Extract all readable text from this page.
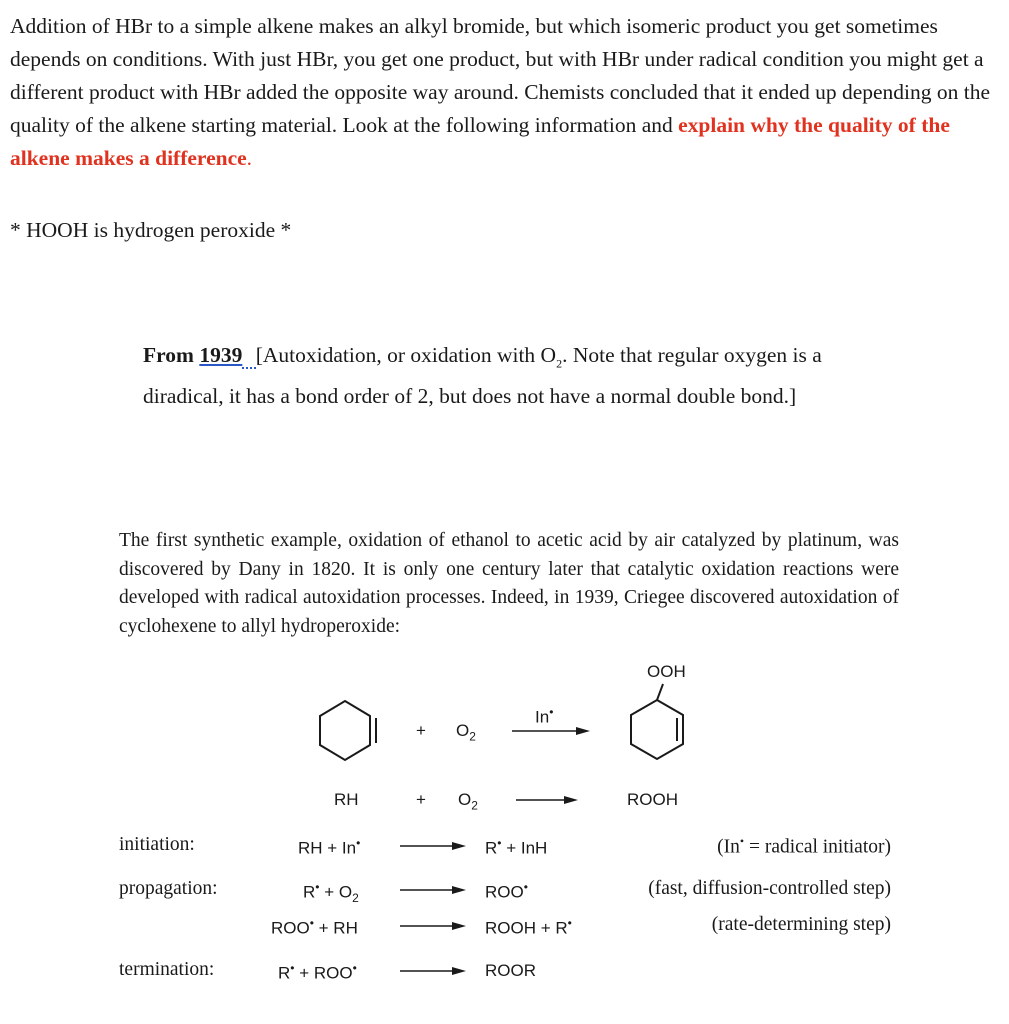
Addition of HBr to a simple alkene makes an alkyl bromide, but which isomeric product you get sometimes depends on conditions. With just HBr, you get one product, but with HBr under radical condition you might get a different product with HBr added the opposite way around. Chemists concluded that it ended up depending on the quality of the alkene starting material. Look at the following information and explain why the quality of the alkene makes a difference.
* HOOH is hydrogen peroxide *
From 1939 [Autoxidation, or oxidation with $O_2$. Note that regular oxygen is a diradical, it has a bond order of 2, but does not have a normal double bond.]
The first synthetic example, oxidation of ethanol to acetic acid by air catalyzed by platinum, was discovered by Dany in 1820. It is only one century later that catalytic oxidation reactions were developed with radical autoxidation processes. Indeed, in 1939, Criegee discovered autoxidation of cyclohexene to allyl hydroperoxide:
+ $O_2$
In•
OOH
RH	+ $O_2$	ROOH
initiation:	RH + In•	R• + InH	(In• = radical initiator)
propagation:	$R^• + O_2$	ROO•	(fast, diffusion-controlled step)
ROO• + RH	ROOH + R•	(rate-determining step)
termination:	R• + ROO•	ROOR
